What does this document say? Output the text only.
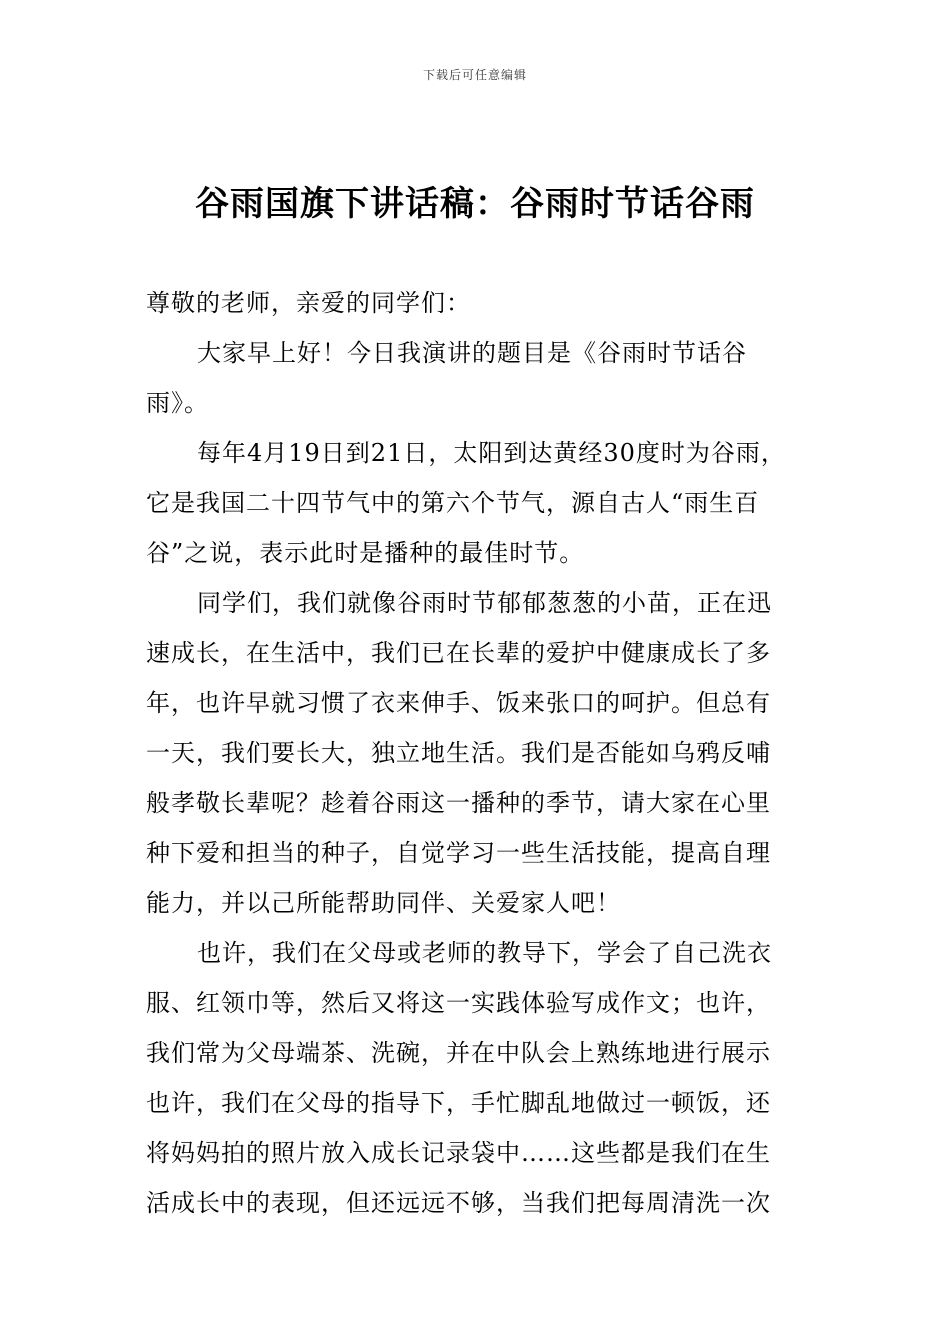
下载后可任意编辑
谷雨国旗下讲话稿：谷雨时节话谷雨

尊敬的老师，亲爱的同学们：

大家早上好！今日我演讲的题目是《谷雨时节话谷

雨》。

每年4月19日到21日，太阳到达黄经30度时为谷雨，

它是我国二十四节气中的第六个节气，源自古人“雨生百

谷”之说，表示此时是播种的最佳时节。

同学们，我们就像谷雨时节郁郁葱葱的小苗，正在迅

速成长，在生活中，我们已在长辈的爱护中健康成长了多

年，也许早就习惯了衣来伸手、饭来张口的呵护。但总有

一天，我们要长大，独立地生活。我们是否能如乌鸦反哺

般孝敬长辈呢？趁着谷雨这一播种的季节，请大家在心里

种下爱和担当的种子，自觉学习一些生活技能，提高自理

能力，并以己所能帮助同伴、关爱家人吧！

也许，我们在父母或老师的教导下，学会了自己洗衣

服、红领巾等，然后又将这一实践体验写成作文；也许，

我们常为父母端茶、洗碗，并在中队会上熟练地进行展示

也许，我们在父母的指导下，手忙脚乱地做过一顿饭，还

将妈妈拍的照片放入成长记录袋中……这些都是我们在生

活成长中的表现，但还远远不够，当我们把每周清洗一次
